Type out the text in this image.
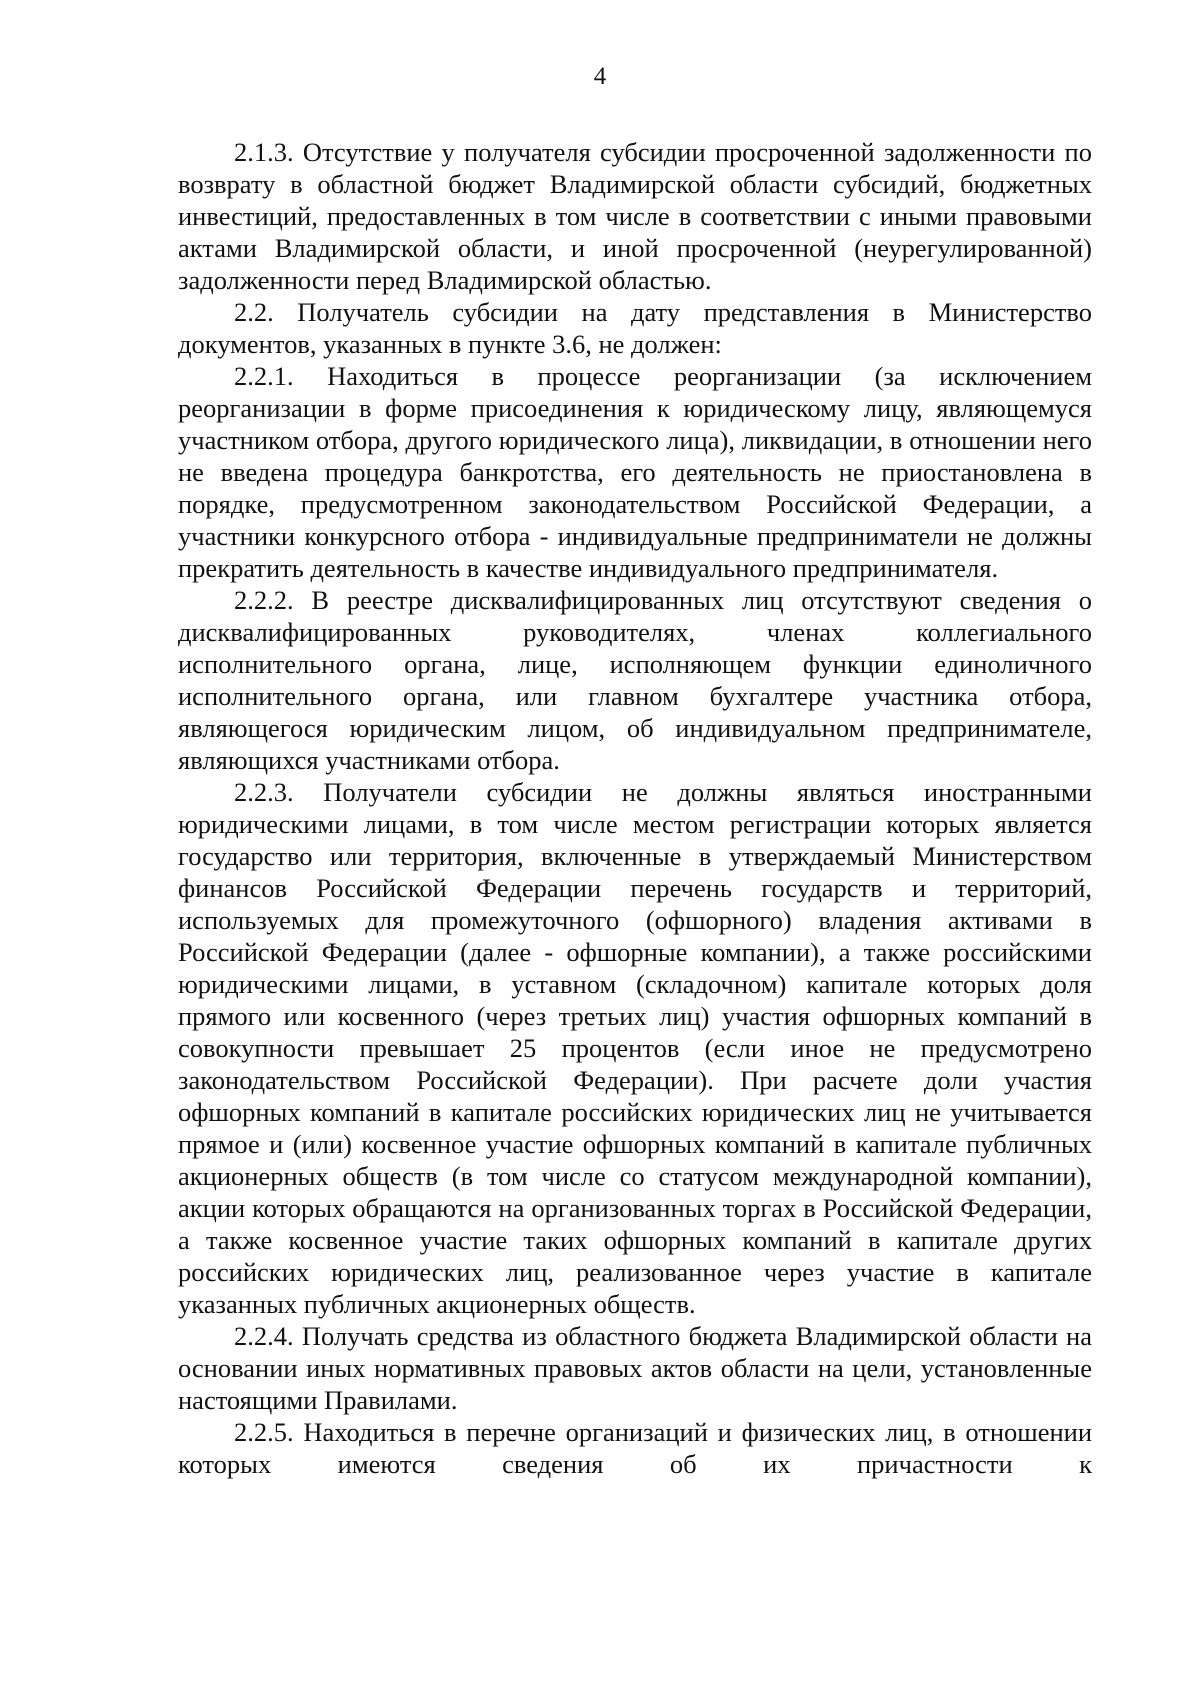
4

2.1.3. Отсутствие у получателя субсидии просроченной задолженности по возврату в областной бюджет Владимирской области субсидий, бюджетных инвестиций, предоставленных в том числе в соответствии с иными правовыми актами Владимирской области, и иной просроченной (неурегулированной) задолженности перед Владимирской областью.

2.2. Получатель субсидии на дату представления в Министерство документов, указанных в пункте 3.6, не должен:

2.2.1. Находиться в процессе реорганизации (за исключением реорганизации в форме присоединения к юридическому лицу, являющемуся участником отбора, другого юридического лица), ликвидации, в отношении него не введена процедура банкротства, его деятельность не приостановлена в порядке, предусмотренном законодательством Российской Федерации, а участники конкурсного отбора - индивидуальные предприниматели не должны прекратить деятельность в качестве индивидуального предпринимателя.

2.2.2. В реестре дисквалифицированных лиц отсутствуют сведения о дисквалифицированных руководителях, членах коллегиального исполнительного органа, лице, исполняющем функции единоличного исполнительного органа, или главном бухгалтере участника отбора, являющегося юридическим лицом, об индивидуальном предпринимателе, являющихся участниками отбора.

2.2.3. Получатели субсидии не должны являться иностранными юридическими лицами, в том числе местом регистрации которых является государство или территория, включенные в утверждаемый Министерством финансов Российской Федерации перечень государств и территорий, используемых для промежуточного (офшорного) владения активами в Российской Федерации (далее - офшорные компании), а также российскими юридическими лицами, в уставном (складочном) капитале которых доля прямого или косвенного (через третьих лиц) участия офшорных компаний в совокупности превышает 25 процентов (если иное не предусмотрено законодательством Российской Федерации). При расчете доли участия офшорных компаний в капитале российских юридических лиц не учитывается прямое и (или) косвенное участие офшорных компаний в капитале публичных акционерных обществ (в том числе со статусом международной компании), акции которых обращаются на организованных торгах в Российской Федерации, а также косвенное участие таких офшорных компаний в капитале других российских юридических лиц, реализованное через участие в капитале указанных публичных акционерных обществ.

2.2.4. Получать средства из областного бюджета Владимирской области на основании иных нормативных правовых актов области на цели, установленные настоящими Правилами.

2.2.5. Находиться в перечне организаций и физических лиц, в отношении которых имеются сведения об их причастности к
